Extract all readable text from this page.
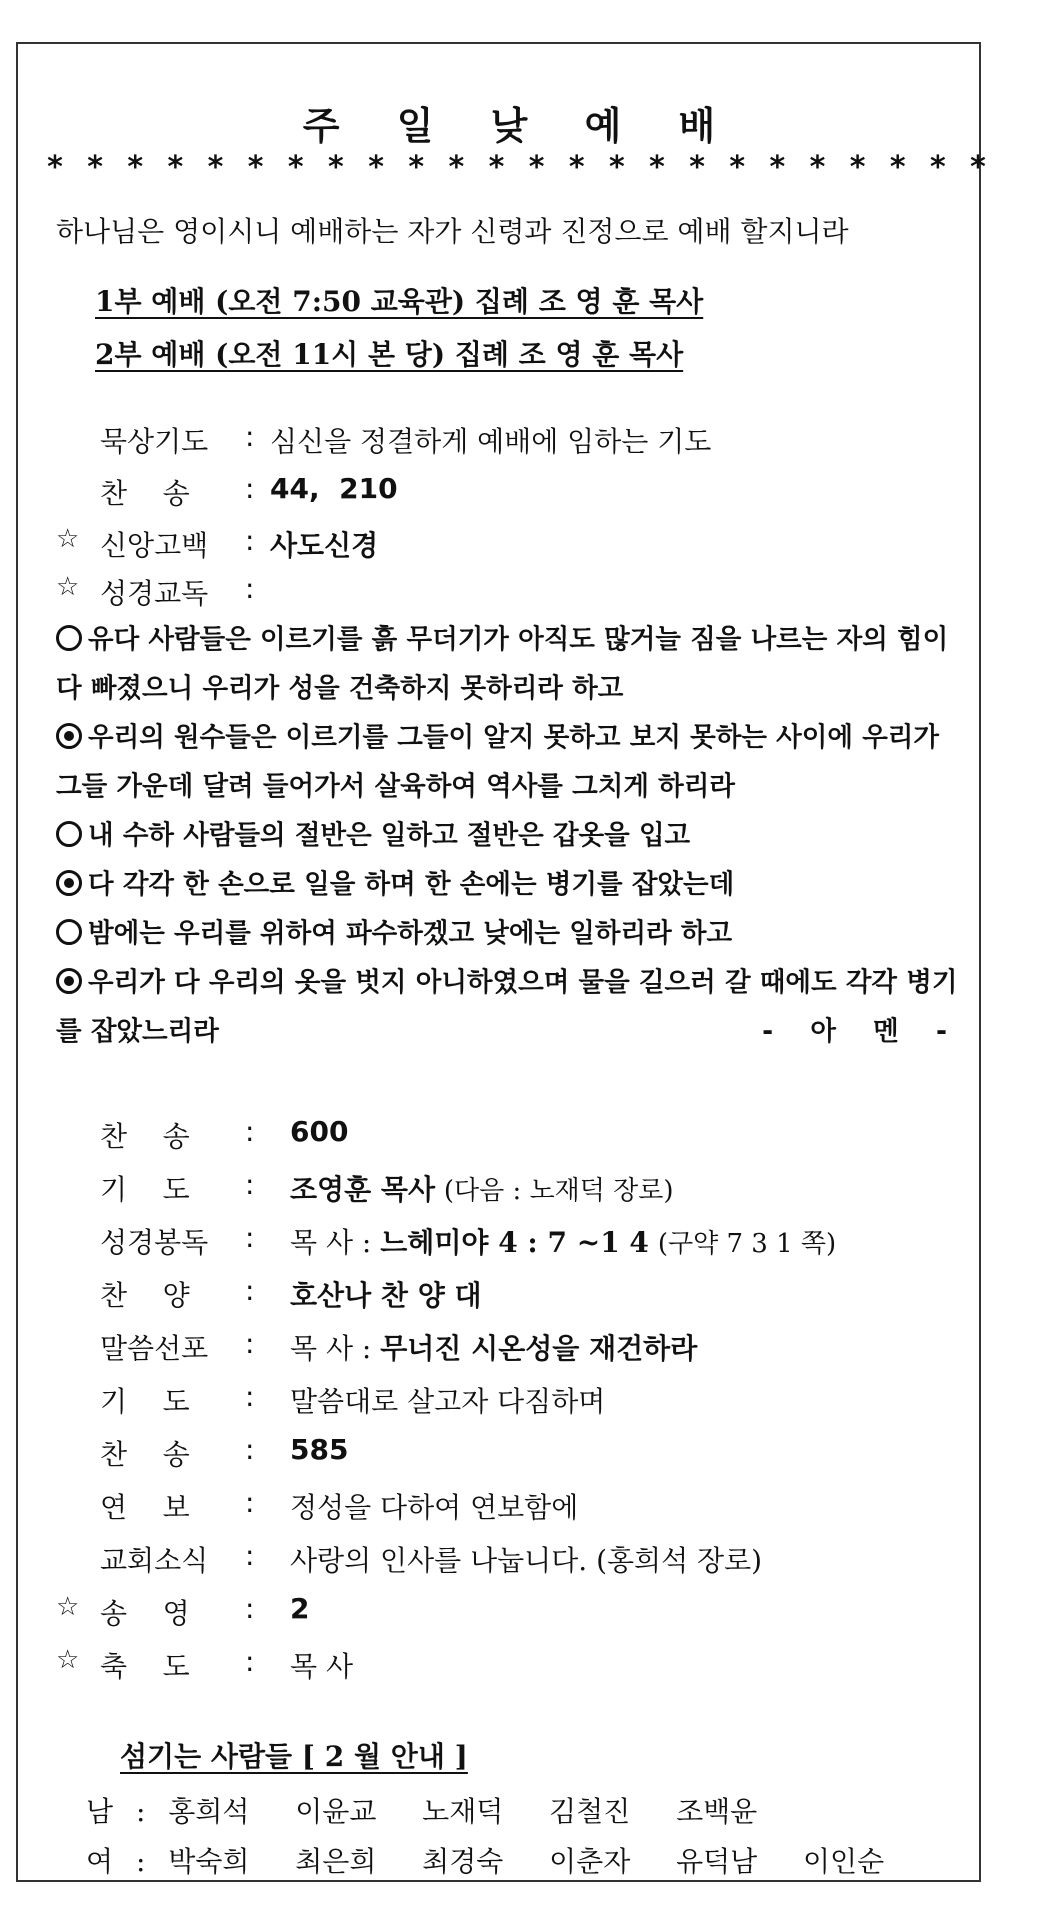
주 일 낮 예 배
* * * * * * * * * * * * * * * * * * * * * * * *
하나님은 영이시니 예배하는 자가 신령과 진정으로 예배 할지니라
1부 예배 (오전 7:50 교육관) 집례 조 영 훈 목사
2부 예배 (오전 11시 본 당) 집례 조 영 훈 목사
묵상기도 : 심신을 정결하게 예배에 임하는 기도
찬    송 : 44,  210
☆ 신앙고백 : 사도신경
☆ 성경교독 :

유다 사람들은 이르기를 흙 무더기가 아직도 많거늘 짐을 나르는 자의 힘이 다 빠졌으니 우리가 성을 건축하지 못하리라 하고

우리의 원수들은 이르기를 그들이 알지 못하고 보지 못하는 사이에 우리가 그들 가운데 달려 들어가서 살육하여 역사를 그치게 하리라

내 수하 사람들의 절반은 일하고 절반은 갑옷을 입고

다 각각 한 손으로 일을 하며 한 손에는 병기를 잡았는데

밤에는 우리를 위하여 파수하겠고 낮에는 일하리라 하고

우리가 다 우리의 옷을 벗지 아니하였으며 물을 길으러 갈 때에도 각각 병기를 잡았느리라	- 아 멘 -

찬    송 : 600
기    도 : 조영훈 목사 (다음 : 노재덕 장로)
성경봉독 : 목 사 : 느헤미야 4 : 7 ~1 4 (구약 7 3 1 쪽)
찬    양 : 호산나 찬 양 대
말씀선포 : 목 사 : 무너진 시온성을 재건하라
기    도 : 말씀대로 살고자 다짐하며
찬    송 : 585
연    보 : 정성을 다하여 연보함에
교회소식 : 사랑의 인사를 나눕니다. (홍희석 장로)
☆ 송    영 : 2
☆ 축    도 : 목 사
섬기는 사람들 [ 2 월 안내 ]
남 : 홍희석  이윤교  노재덕  김철진  조백윤
여 : 박숙희  최은희  최경숙  이춘자  유덕남  이인순
